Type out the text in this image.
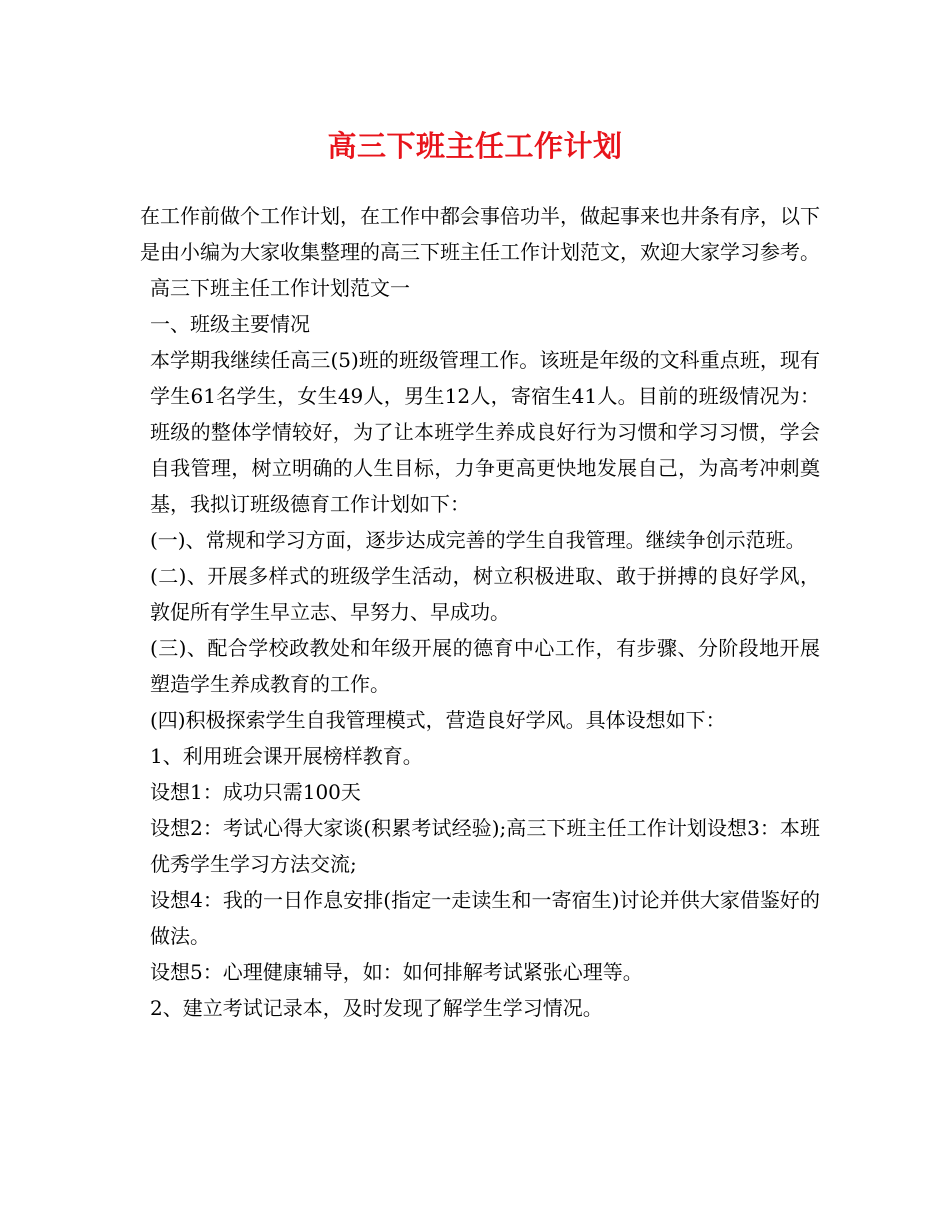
高三下班主任工作计划

在工作前做个工作计划，在工作中都会事倍功半，做起事来也井条有序，以下是由小编为大家收集整理的高三下班主任工作计划范文，欢迎大家学习参考。

高三下班主任工作计划范文一

一、班级主要情况

本学期我继续任高三(5)班的班级管理工作。该班是年级的文科重点班，现有学生61名学生，女生49人，男生12人，寄宿生41人。目前的班级情况为：班级的整体学情较好，为了让本班学生养成良好行为习惯和学习习惯，学会自我管理，树立明确的人生目标，力争更高更快地发展自己，为高考冲刺奠基，我拟订班级德育工作计划如下：

(一)、常规和学习方面，逐步达成完善的学生自我管理。继续争创示范班。

(二)、开展多样式的班级学生活动，树立积极进取、敢于拼搏的良好学风，敦促所有学生早立志、早努力、早成功。

(三)、配合学校政教处和年级开展的德育中心工作，有步骤、分阶段地开展塑造学生养成教育的工作。

(四)积极探索学生自我管理模式，营造良好学风。具体设想如下：

1、利用班会课开展榜样教育。

设想1：成功只需100天

设想2：考试心得大家谈(积累考试经验);高三下班主任工作计划设想3：本班优秀学生学习方法交流;

设想4：我的一日作息安排(指定一走读生和一寄宿生)讨论并供大家借鉴好的做法。

设想5：心理健康辅导，如：如何排解考试紧张心理等。

2、建立考试记录本，及时发现了解学生学习情况。
